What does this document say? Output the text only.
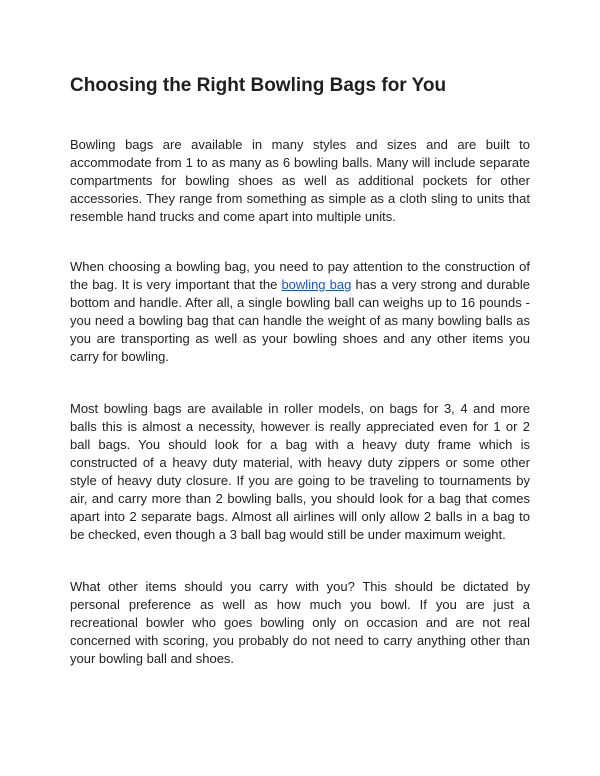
Choosing the Right Bowling Bags for You

Bowling bags are available in many styles and sizes and are built to accommodate from 1 to as many as 6 bowling balls. Many will include separate compartments for bowling shoes as well as additional pockets for other accessories. They range from something as simple as a cloth sling to units that resemble hand trucks and come apart into multiple units.

When choosing a bowling bag, you need to pay attention to the construction of the bag. It is very important that the bowling bag has a very strong and durable bottom and handle. After all, a single bowling ball can weighs up to 16 pounds - you need a bowling bag that can handle the weight of as many bowling balls as you are transporting as well as your bowling shoes and any other items you carry for bowling.

Most bowling bags are available in roller models, on bags for 3, 4 and more balls this is almost a necessity, however is really appreciated even for 1 or 2 ball bags. You should look for a bag with a heavy duty frame which is constructed of a heavy duty material, with heavy duty zippers or some other style of heavy duty closure. If you are going to be traveling to tournaments by air, and carry more than 2 bowling balls, you should look for a bag that comes apart into 2 separate bags. Almost all airlines will only allow 2 balls in a bag to be checked, even though a 3 ball bag would still be under maximum weight.

What other items should you carry with you? This should be dictated by personal preference as well as how much you bowl. If you are just a recreational bowler who goes bowling only on occasion and are not real concerned with scoring, you probably do not need to carry anything other than your bowling ball and shoes.
